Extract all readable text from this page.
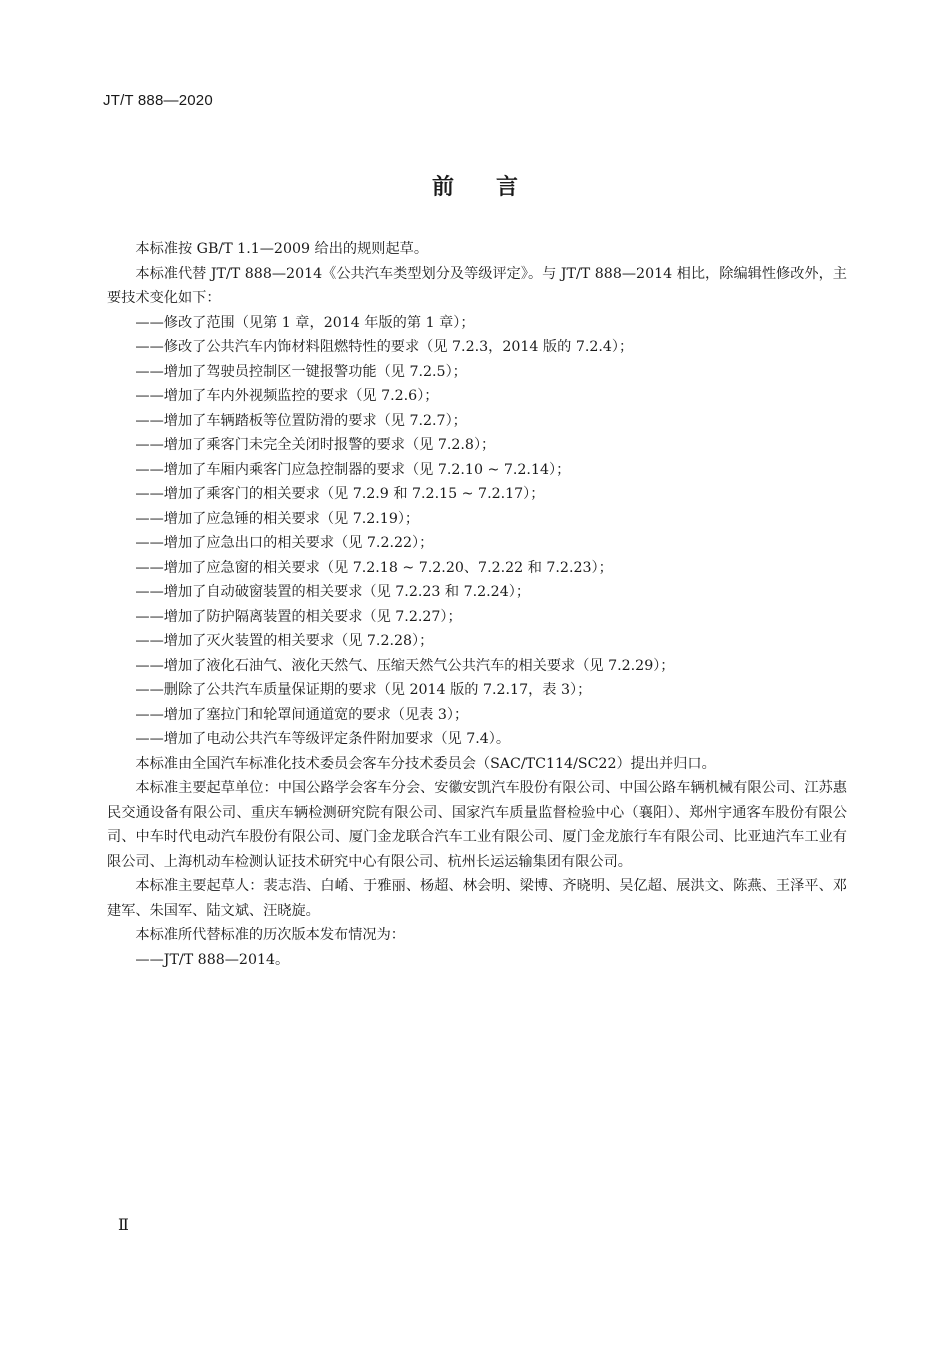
JT/T 888—2020
前言

本标准按 GB/T 1.1—2009 给出的规则起草。

本标准代替 JT/T 888—2014《公共汽车类型划分及等级评定》。与 JT/T 888—2014 相比，除编辑性修改外，主要技术变化如下：

——修改了范围（见第 1 章，2014 年版的第 1 章）；

——修改了公共汽车内饰材料阻燃特性的要求（见 7.2.3，2014 版的 7.2.4）；

——增加了驾驶员控制区一键报警功能（见 7.2.5）；

——增加了车内外视频监控的要求（见 7.2.6）；

——增加了车辆踏板等位置防滑的要求（见 7.2.7）；

——增加了乘客门未完全关闭时报警的要求（见 7.2.8）；

——增加了车厢内乘客门应急控制器的要求（见 7.2.10 ~ 7.2.14）；

——增加了乘客门的相关要求（见 7.2.9 和 7.2.15 ~ 7.2.17）；

——增加了应急锤的相关要求（见 7.2.19）；

——增加了应急出口的相关要求（见 7.2.22）；

——增加了应急窗的相关要求（见 7.2.18 ~ 7.2.20、7.2.22 和 7.2.23）；

——增加了自动破窗装置的相关要求（见 7.2.23 和 7.2.24）；

——增加了防护隔离装置的相关要求（见 7.2.27）；

——增加了灭火装置的相关要求（见 7.2.28）；

——增加了液化石油气、液化天然气、压缩天然气公共汽车的相关要求（见 7.2.29）；

——删除了公共汽车质量保证期的要求（见 2014 版的 7.2.17，表 3）；

——增加了塞拉门和轮罩间通道宽的要求（见表 3）；

——增加了电动公共汽车等级评定条件附加要求（见 7.4）。

本标准由全国汽车标准化技术委员会客车分技术委员会（SAC/TC114/SC22）提出并归口。

本标准主要起草单位：中国公路学会客车分会、安徽安凯汽车股份有限公司、中国公路车辆机械有限公司、江苏惠民交通设备有限公司、重庆车辆检测研究院有限公司、国家汽车质量监督检验中心（襄阳）、郑州宇通客车股份有限公司、中车时代电动汽车股份有限公司、厦门金龙联合汽车工业有限公司、厦门金龙旅行车有限公司、比亚迪汽车工业有限公司、上海机动车检测认证技术研究中心有限公司、杭州长运运输集团有限公司。

本标准主要起草人：裴志浩、白崤、于雅丽、杨超、林会明、梁博、齐晓明、吴亿超、展洪文、陈燕、王泽平、邓建军、朱国军、陆文斌、汪晓旋。

本标准所代替标准的历次版本发布情况为：

——JT/T 888—2014。

Ⅱ
